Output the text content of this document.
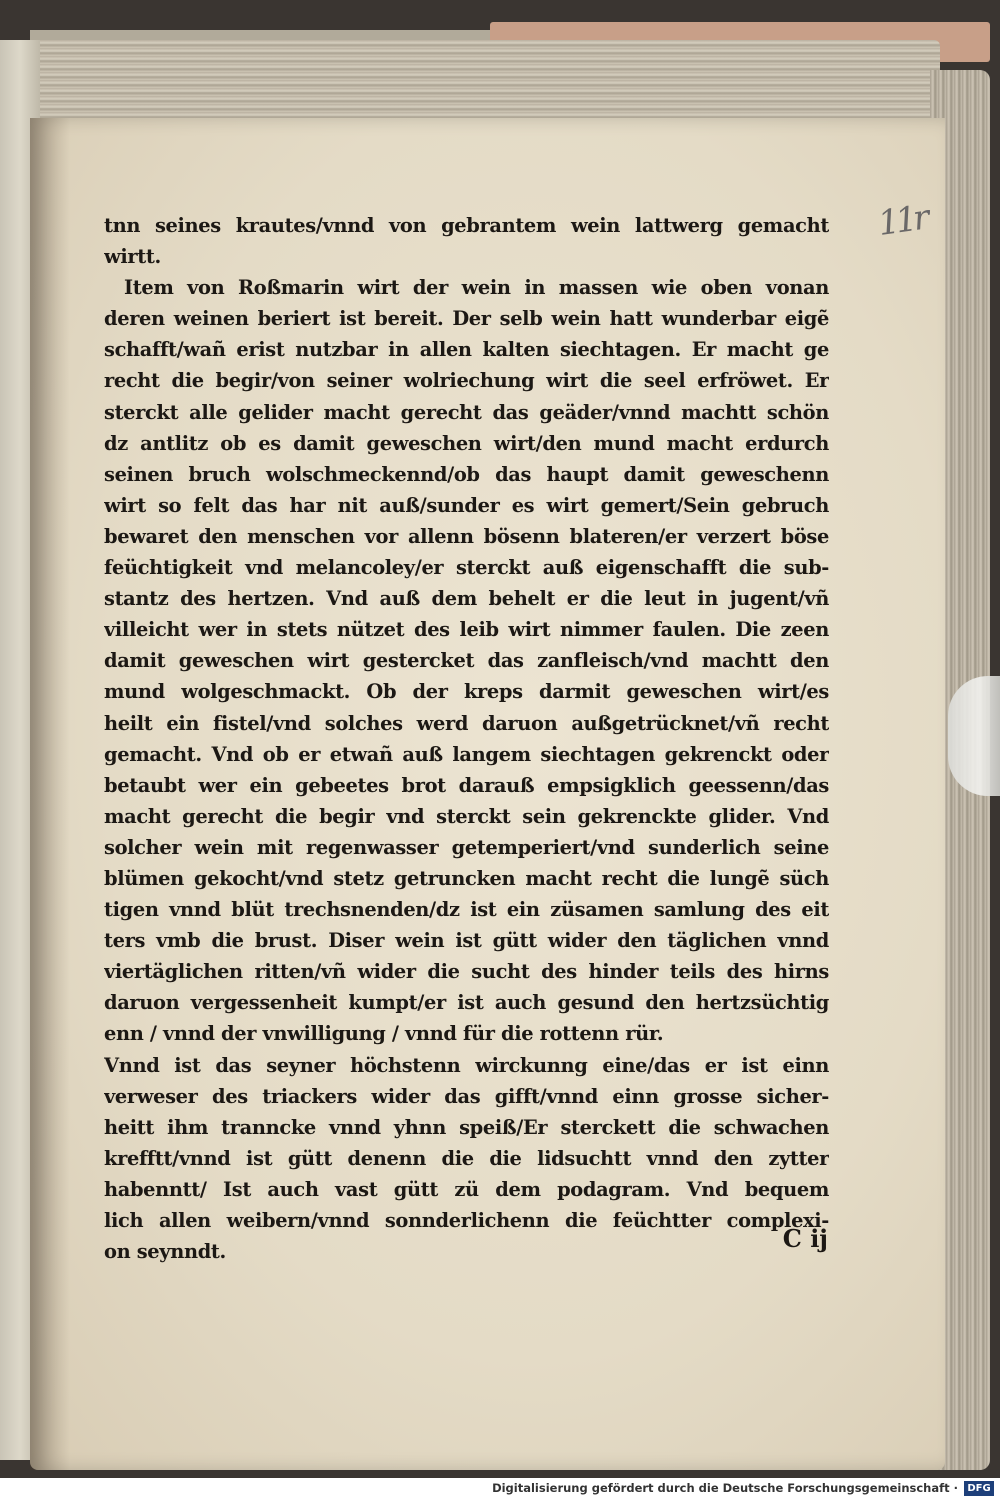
11r
tnn seines krautes/vnnd von gebrantem wein lattwerg gemacht
wirtt.
Item von Roßmarin wirt der wein in massen wie oben vonan
deren weinen beriert ist bereit. Der selb wein hatt wunderbar eigẽ
schafft/wañ erist nutzbar in allen kalten siechtagen. Er macht ge
recht die begir/von seiner wolriechung wirt die seel erfröwet. Er
sterckt alle gelider macht gerecht das geäder/vnnd machtt schön
dz antlitz ob es damit geweschen wirt/den mund macht erdurch
seinen bruch wolschmeckennd/ob das haupt damit geweschenn
wirt so felt das har nit auß/sunder es wirt gemert/Sein gebruch
bewaret den menschen vor allenn bösenn blateren/er verzert böse
feüchtigkeit vnd melancoley/er sterckt auß eigenschafft die sub-
stantz des hertzen. Vnd auß dem behelt er die leut in jugent/vñ
villeicht wer in stets nützet des leib wirt nimmer faulen. Die zeen
damit geweschen wirt gestercket das zanfleisch/vnd machtt den
mund wolgeschmackt. Ob der kreps darmit geweschen wirt/es
heilt ein fistel/vnd solches werd daruon außgetrücknet/vñ recht
gemacht. Vnd ob er etwañ auß langem siechtagen gekrenckt oder
betaubt wer ein gebeetes brot darauß empsigklich geessenn/das
macht gerecht die begir vnd sterckt sein gekrenckte glider. Vnd
solcher wein mit regenwasser getemperiert/vnd sunderlich seine
blümen gekocht/vnd stetz getruncken macht recht die lungẽ süch
tigen vnnd blüt trechsnenden/dz ist ein züsamen samlung des eit
ters vmb die brust. Diser wein ist gütt wider den täglichen vnnd
viertäglichen ritten/vñ wider die sucht des hinder teils des hirns
daruon vergessenheit kumpt/er ist auch gesund den hertzsüchtig
enn / vnnd der vnwilligung / vnnd für die rottenn rür.
Vnnd ist das seyner höchstenn wirckunng eine/das er ist einn
verweser des triackers wider das gifft/vnnd einn grosse sicher-
heitt ihm tranncke vnnd yhnn speiß/Er sterckett die schwachen
krefftt/vnnd ist gütt denenn die die lidsuchtt vnnd den zytter
habenntt/ Ist auch vast gütt zü dem podagram. Vnd bequem
lich allen weibern/vnnd sonnderlichenn die feüchtter complexi-
on seynndt.	C ij
Digitalisierung gefördert durch die Deutsche Forschungsgemeinschaft · DFG
